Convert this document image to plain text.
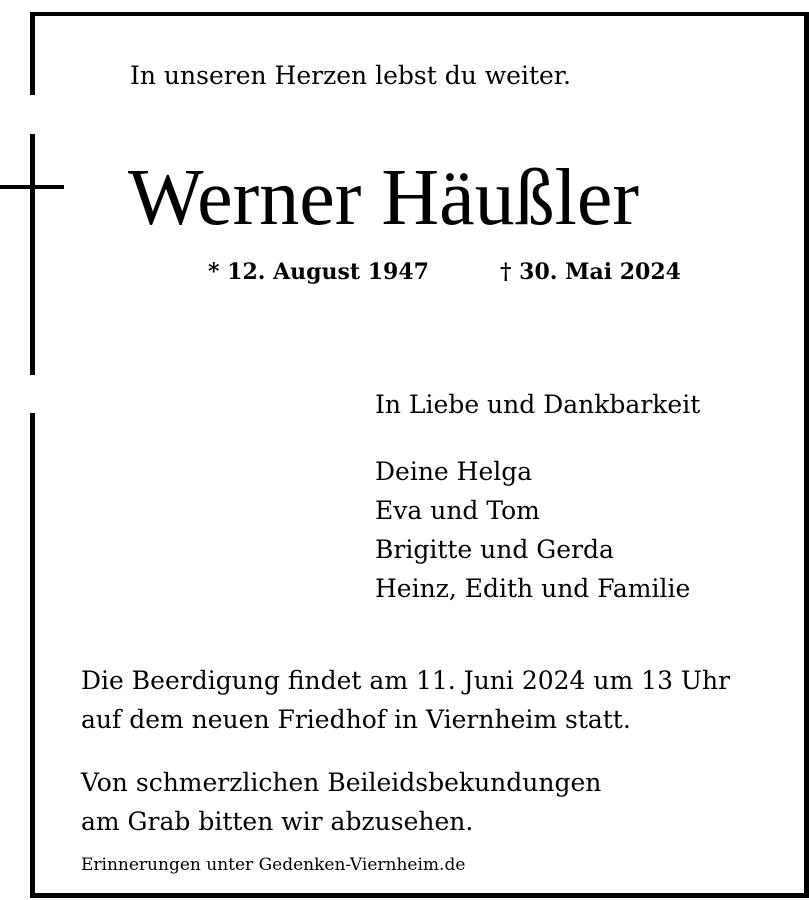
In unseren Herzen lebst du weiter.
Werner Häußler
* 12. August 1947	† 30. Mai 2024
In Liebe und Dankbarkeit
Deine Helga
Eva und Tom
Brigitte und Gerda
Heinz, Edith und Familie
Die Beerdigung findet am 11. Juni 2024 um 13 Uhr
auf dem neuen Friedhof in Viernheim statt.
Von schmerzlichen Beileidsbekundungen
am Grab bitten wir abzusehen.
Erinnerungen unter Gedenken-Viernheim.de
